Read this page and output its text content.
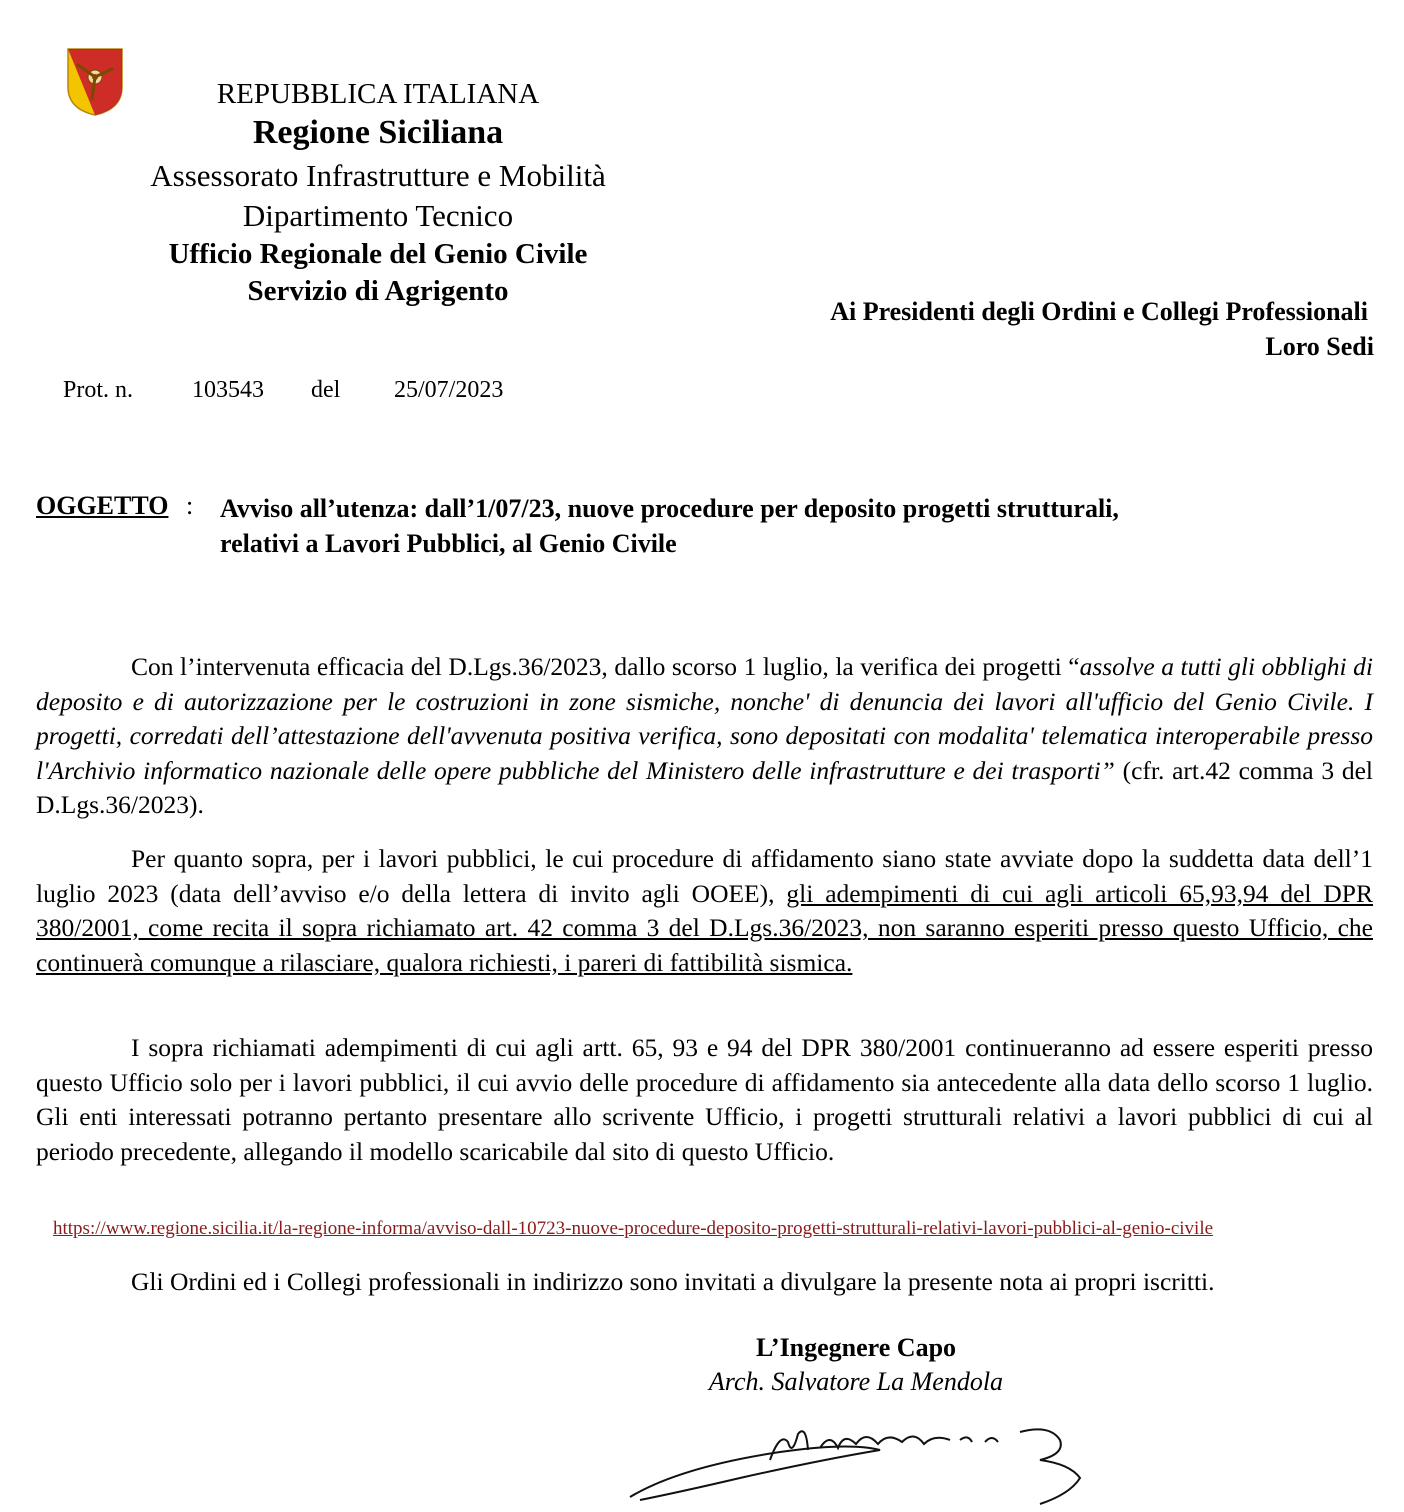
REPUBBLICA ITALIANA
Regione Siciliana
Assessorato Infrastrutture e Mobilità
Dipartimento Tecnico
Ufficio Regionale del Genio Civile
Servizio di Agrigento
Ai Presidenti degli Ordini e Collegi Professionali
Loro Sedi
Prot. n. 103543 del 25/07/2023
OGGETTO : Avviso all’utenza: dall’1/07/23, nuove procedure per deposito progetti strutturali,
relativi a Lavori Pubblici, al Genio Civile
Con l’intervenuta efficacia del D.Lgs.36/2023, dallo scorso 1 luglio, la verifica dei progetti “assolve a tutti gli obblighi di deposito e di autorizzazione per le costruzioni in zone sismiche, nonche' di denuncia dei lavori all'ufficio del Genio Civile. I progetti, corredati dell’attestazione dell'avvenuta positiva verifica, sono depositati con modalita' telematica interoperabile presso l'Archivio informatico nazionale delle opere pubbliche del Ministero delle infrastrutture e dei trasporti” (cfr. art.42 comma 3 del D.Lgs.36/2023).
Per quanto sopra, per i lavori pubblici, le cui procedure di affidamento siano state avviate dopo la suddetta data dell’1 luglio 2023 (data dell’avviso e/o della lettera di invito agli OOEE), gli adempimenti di cui agli articoli 65,93,94 del DPR 380/2001, come recita il sopra richiamato art. 42 comma 3 del D.Lgs.36/2023, non saranno esperiti presso questo Ufficio, che continuerà comunque a rilasciare, qualora richiesti, i pareri di fattibilità sismica.
I sopra richiamati adempimenti di cui agli artt. 65, 93 e 94 del DPR 380/2001 continueranno ad essere esperiti presso questo Ufficio solo per i lavori pubblici, il cui avvio delle procedure di affidamento sia antecedente alla data dello scorso 1 luglio. Gli enti interessati potranno pertanto presentare allo scrivente Ufficio, i progetti strutturali relativi a lavori pubblici di cui al periodo precedente, allegando il modello scaricabile dal sito di questo Ufficio.
https://www.regione.sicilia.it/la-regione-informa/avviso-dall-10723-nuove-procedure-deposito-progetti-strutturali-relativi-lavori-pubblici-al-genio-civile
Gli Ordini ed i Collegi professionali in indirizzo sono invitati a divulgare la presente nota ai propri iscritti.
L’Ingegnere Capo
Arch. Salvatore La Mendola
